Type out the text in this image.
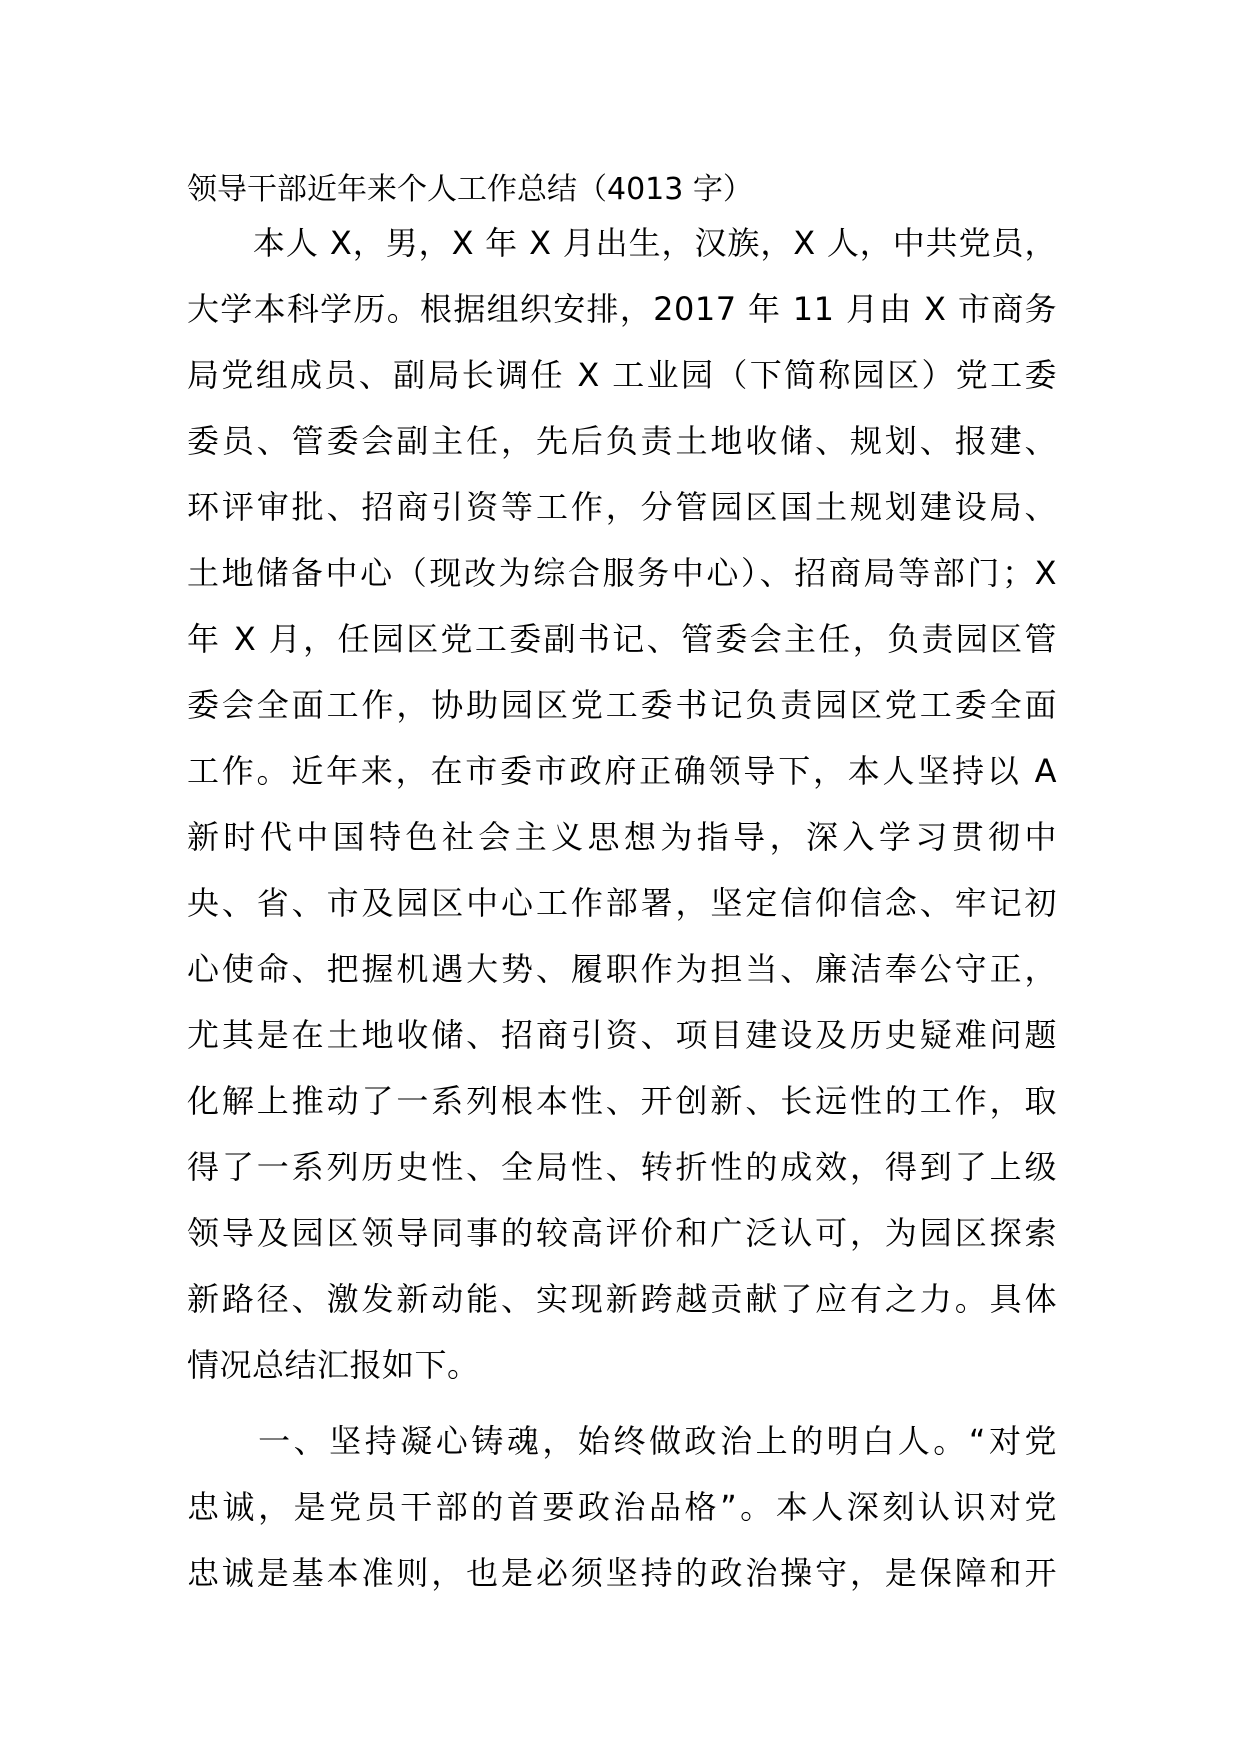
领导干部近年来个人工作总结（4013 字）
　　本人 X，男，X 年 X 月出生，汉族，X 人，中共党员，
大学本科学历。根据组织安排，2017 年 11 月由 X 市商务
局党组成员、副局长调任 X 工业园（下简称园区）党工委
委员、管委会副主任，先后负责土地收储、规划、报建、
环评审批、招商引资等工作，分管园区国土规划建设局、
土地储备中心（现改为综合服务中心）、招商局等部门；X
年 X 月，任园区党工委副书记、管委会主任，负责园区管
委会全面工作，协助园区党工委书记负责园区党工委全面
工作。近年来，在市委市政府正确领导下，本人坚持以 A
新时代中国特色社会主义思想为指导，深入学习贯彻中
央、省、市及园区中心工作部署，坚定信仰信念、牢记初
心使命、把握机遇大势、履职作为担当、廉洁奉公守正，
尤其是在土地收储、招商引资、项目建设及历史疑难问题
化解上推动了一系列根本性、开创新、长远性的工作，取
得了一系列历史性、全局性、转折性的成效，得到了上级
领导及园区领导同事的较高评价和广泛认可，为园区探索
新路径、激发新动能、实现新跨越贡献了应有之力。具体
情况总结汇报如下。
　　一、坚持凝心铸魂，始终做政治上的明白人。“对党
忠诚，是党员干部的首要政治品格”。本人深刻认识对党
忠诚是基本准则，也是必须坚持的政治操守，是保障和开
